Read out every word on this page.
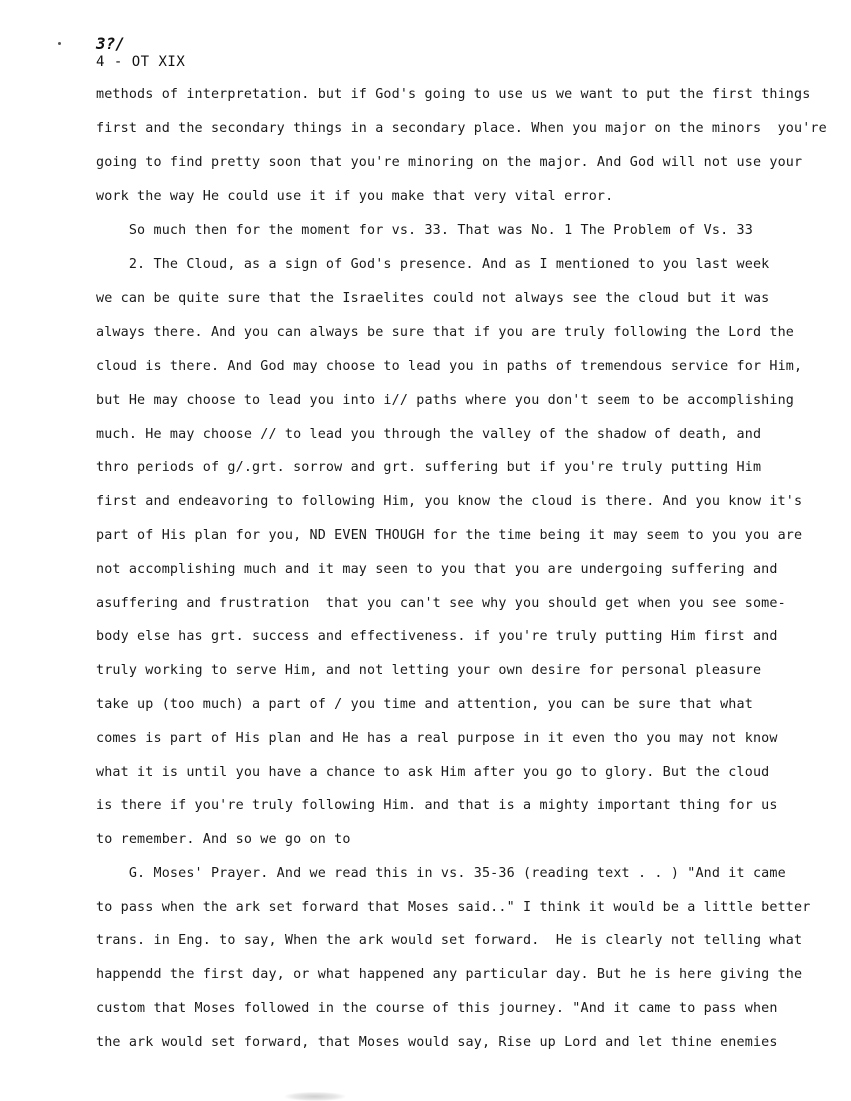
3?/
4 - OT XIX
methods of interpretation. but if God's going to use us we want to put the first things
first and the secondary things in a secondary place. When you major on the minors  you're
going to find pretty soon that you're minoring on the major. And God will not use your
work the way He could use it if you make that very vital error.
So much then for the moment for vs. 33. That was No. 1 The Problem of Vs. 33
2. The Cloud, as a sign of God's presence. And as I mentioned to you last week
we can be quite sure that the Israelites could not always see the cloud but it was
always there. And you can always be sure that if you are truly following the Lord the
cloud is there. And God may choose to lead you in paths of tremendous service for Him,
but He may choose to lead you into i// paths where you don't seem to be accomplishing
much. He may choose // to lead you through the valley of the shadow of death, and
thro periods of g/.grt. sorrow and grt. suffering but if you're truly putting Him
first and endeavoring to following Him, you know the cloud is there. And you know it's
part of His plan for you, ND EVEN THOUGH for the time being it may seem to you you are
not accomplishing much and it may seen to you that you are undergoing suffering and
asuffering and frustration  that you can't see why you should get when you see some-
body else has grt. success and effectiveness. if you're truly putting Him first and
truly working to serve Him, and not letting your own desire for personal pleasure
take up (too much) a part of / you time and attention, you can be sure that what
comes is part of His plan and He has a real purpose in it even tho you may not know
what it is until you have a chance to ask Him after you go to glory. But the cloud
is there if you're truly following Him. and that is a mighty important thing for us
to remember. And so we go on to
G. Moses' Prayer. And we read this in vs. 35-36 (reading text . . ) "And it came
to pass when the ark set forward that Moses said.." I think it would be a little better
trans. in Eng. to say, When the ark would set forward.  He is clearly not telling what
happendd the first day, or what happened any particular day. But he is here giving the
custom that Moses followed in the course of this journey. "And it came to pass when
the ark would set forward, that Moses would say, Rise up Lord and let thine enemies
